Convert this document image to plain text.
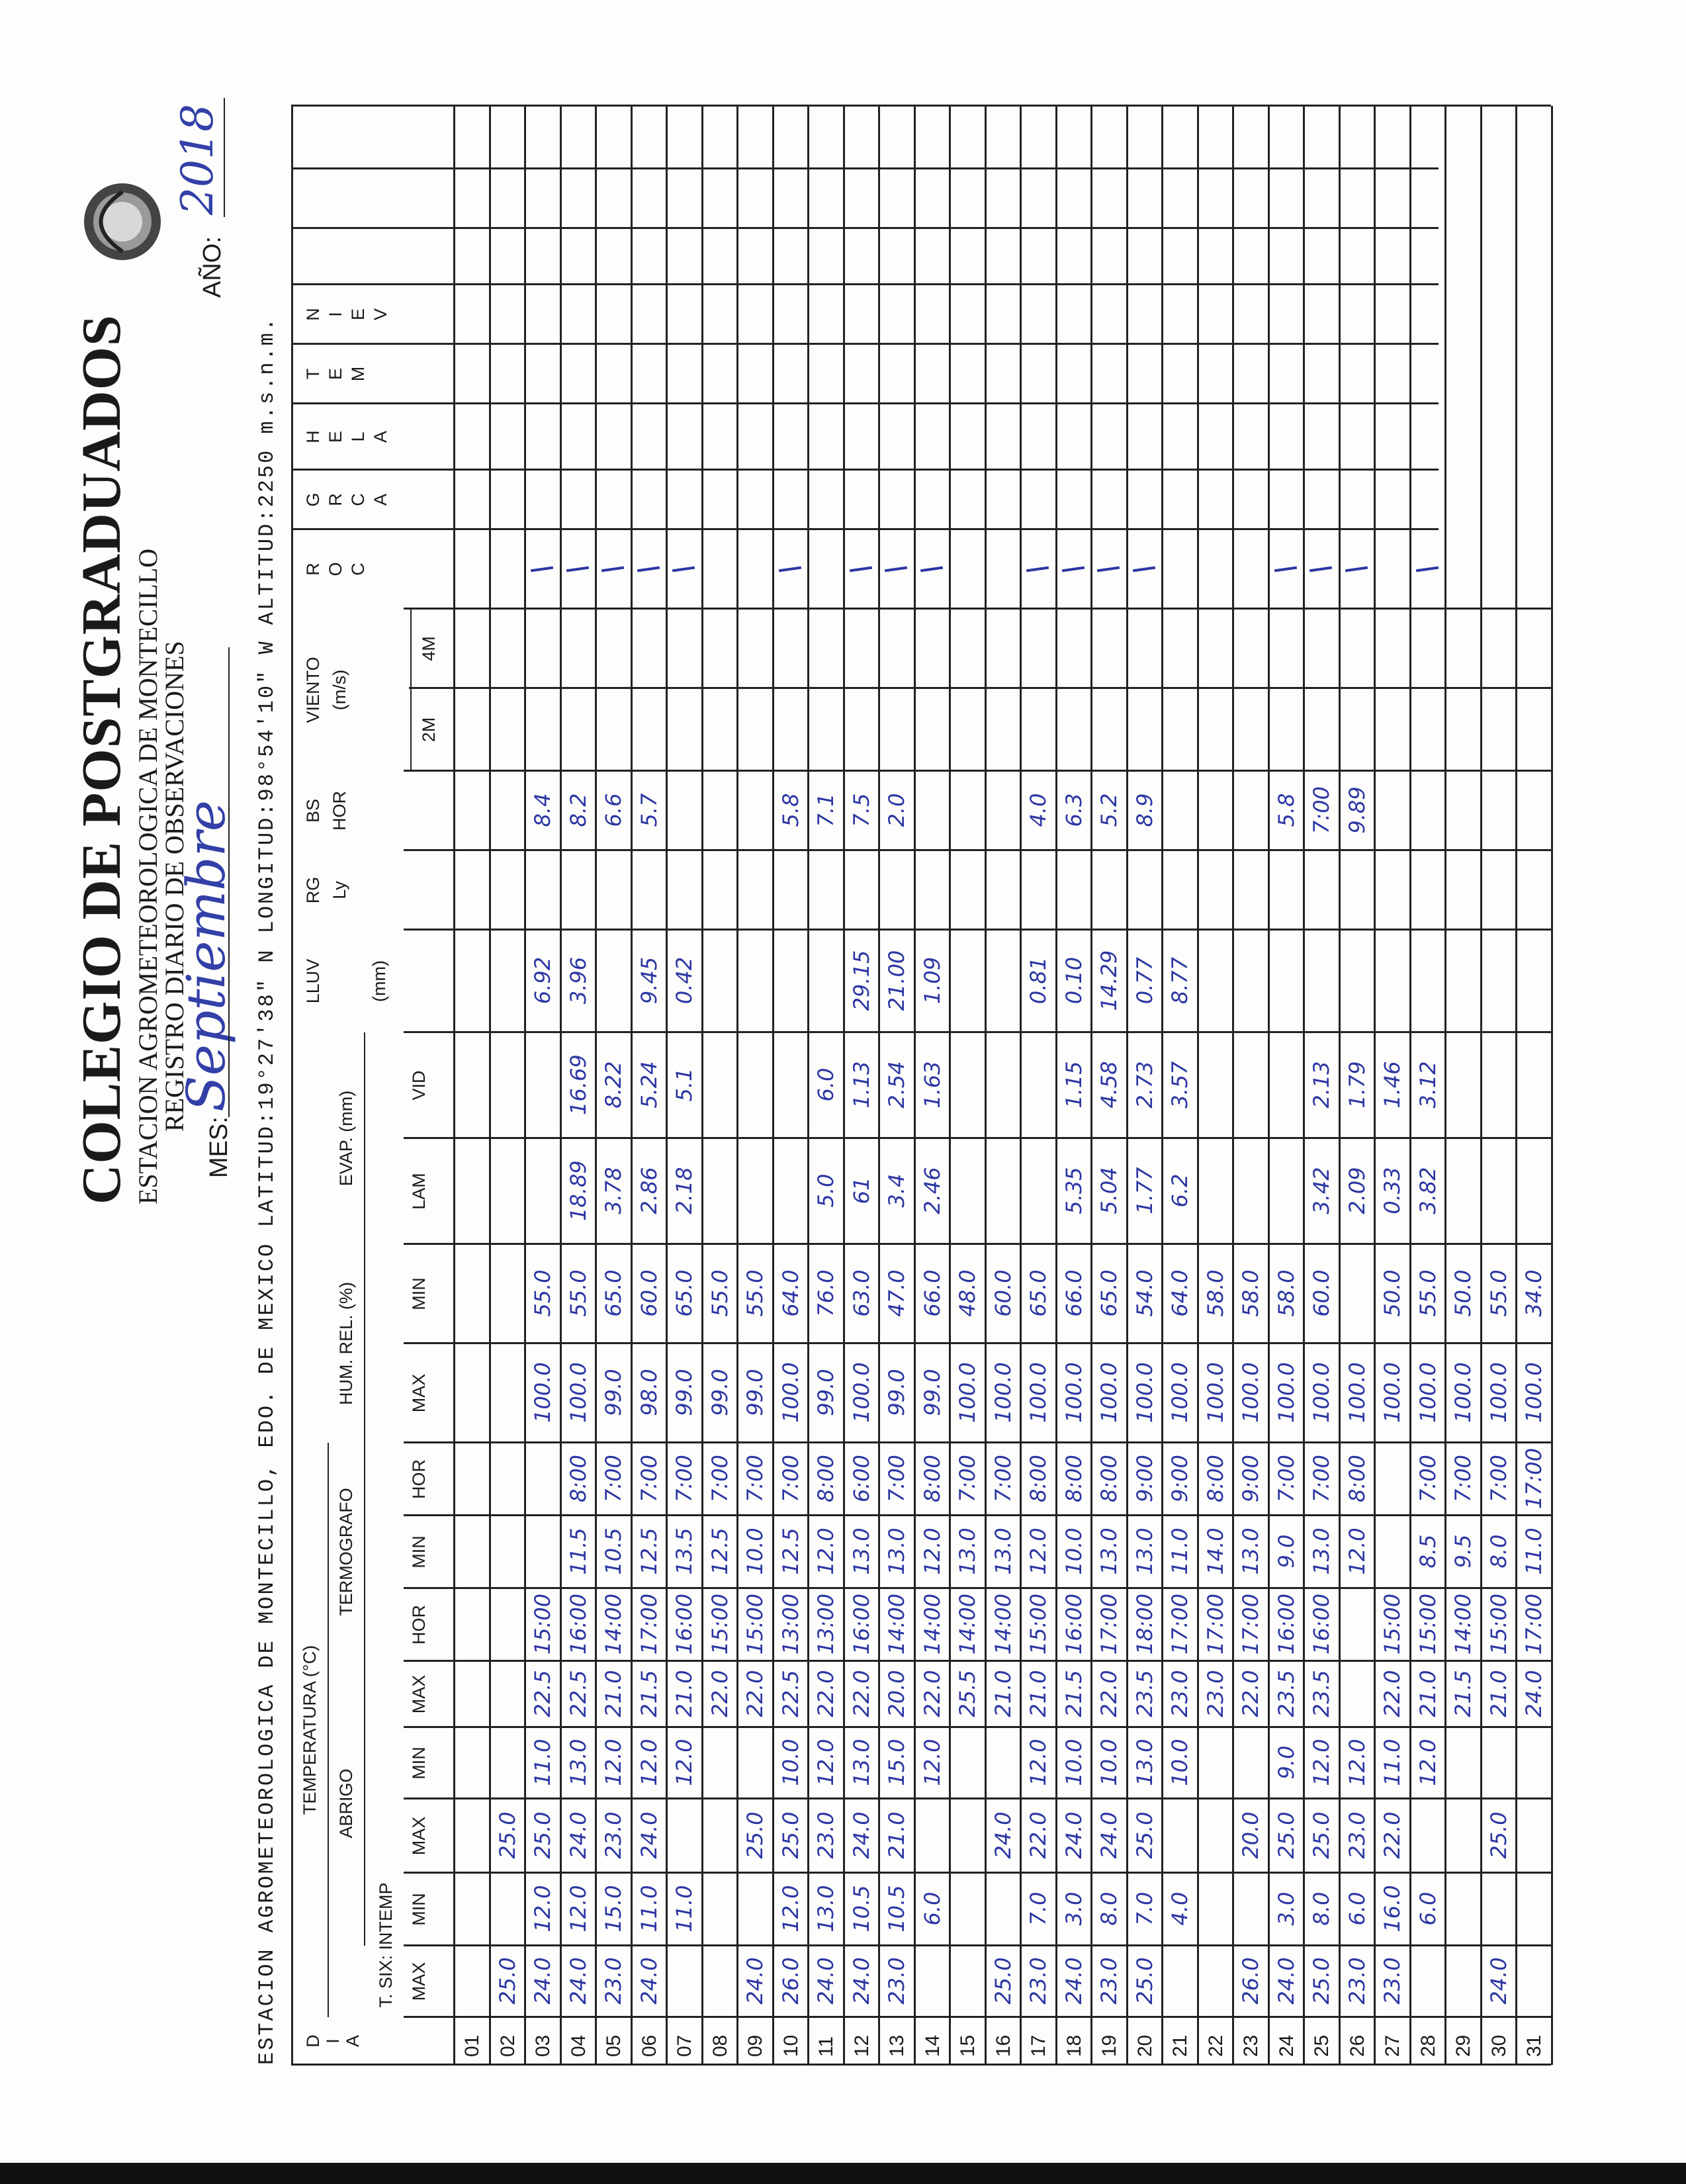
COLEGIO DE POSTGRADUADOS ESTACION AGROMETEOROLOGICA DE MONTECILLO
REGISTRO DIARIO DE OBSERVACIONES
MES:
Septiembre
AÑO:
2018
ESTACION AGROMETEOROLOGICA DE MONTECILLO, EDO. DE MEXICO LATITUD:19°27'38" N LONGITUD:98°54'10" W ALTITUD:2250 m.s.n.m. D I A
TEMPERATURA (°C)
T. SIX: INTEMP
ABRIGO
TERMOGRAFO
HUM. REL. (%)
EVAP. (mm)
LLUV	(mm)
RG Ly
BS HOR
VIENTO (m/s)
2M
4M
MAX
MIN
MAX
MIN
MAX
HOR
MIN
HOR
MAX
MIN
LAM
VID
R O C
G R C A
H E L A
T E M
N I E V
01 02
25.0
25.0
03
24.0
12.0
25.0
11.0
22.5
15:00
100.0
55.0
6.92
8.4
04
24.0
12.0
24.0
13.0
22.5
16:00
11.5
8:00
100.0
55.0
18.89
16.69
3.96
8.2
05
23.0
15.0
23.0
12.0
21.0
14:00
10.5
7:00
99.0
65.0
3.78
8.22
6.6
06
24.0
11.0
24.0
12.0
21.5
17:00
12.5
7:00
98.0
60.0
2.86
5.24
9.45
5.7
07
11.0
12.0
21.0
16:00
13.5
7:00
99.0
65.0
2.18
5.1
0.42
08
22.0
15:00
12.5
7:00
99.0
55.0
09
24.0
25.0
22.0
15:00
10.0
7:00
99.0
55.0
10
26.0
12.0
25.0
10.0
22.5
13:00
12.5
7:00
100.0
64.0
5.8
11
24.0
13.0
23.0
12.0
22.0
13:00
12.0
8:00
99.0
76.0
5.0
6.0
7.1
12
24.0
10.5
24.0
13.0
22.0
16:00
13.0
6:00
100.0
63.0
61
1.13
29.15
7.5
13
23.0
10.5
21.0
15.0
20.0
14:00
13.0
7:00
99.0
47.0
3.4
2.54
21.00
2.0
14
6.0
12.0
22.0
14:00
12.0
8:00
99.0
66.0
2.46
1.63
1.09
15
25.5
14:00
13.0
7:00
100.0
48.0
16
25.0
24.0
21.0
14:00
13.0
7:00
100.0
60.0
17
23.0
7.0
22.0
12.0
21.0
15:00
12.0
8:00
100.0
65.0
0.81
4.0
18
24.0
3.0
24.0
10.0
21.5
16:00
10.0
8:00
100.0
66.0
5.35
1.15
0.10
6.3
19
23.0
8.0
24.0
10.0
22.0
17:00
13.0
8:00
100.0
65.0
5.04
4.58
14.29
5.2
20
25.0
7.0
25.0
13.0
23.5
18:00
13.0
9:00
100.0
54.0
1.77
2.73
0.77
8.9
21
4.0
10.0
23.0
17:00
11.0
9:00
100.0
64.0
6.2
3.57
8.77
22
23.0
17:00
14.0
8:00
100.0
58.0
23
26.0
20.0
22.0
17:00
13.0
9:00
100.0
58.0
24
24.0
3.0
25.0
9.0
23.5
16:00
9.0
7:00
100.0
58.0
5.8
25
25.0
8.0
25.0
12.0
23.5
16:00
13.0
7:00
100.0
60.0
3.42
2.13
7:00
26
23.0
6.0
23.0
12.0
12.0
8:00
100.0
2.09
1.79
9.89
27
23.0
16.0
22.0
11.0
22.0
15:00
100.0
50.0
0.33
1.46
28
6.0
12.0
21.0
15:00
8.5
7:00
100.0
55.0
3.82
3.12
29
21.5
14:00
9.5
7:00
100.0
50.0
30
24.0
25.0
21.0
15:00
8.0
7:00
100.0
55.0
31
24.0
17:00
11.0
17:00
100.0
34.0
